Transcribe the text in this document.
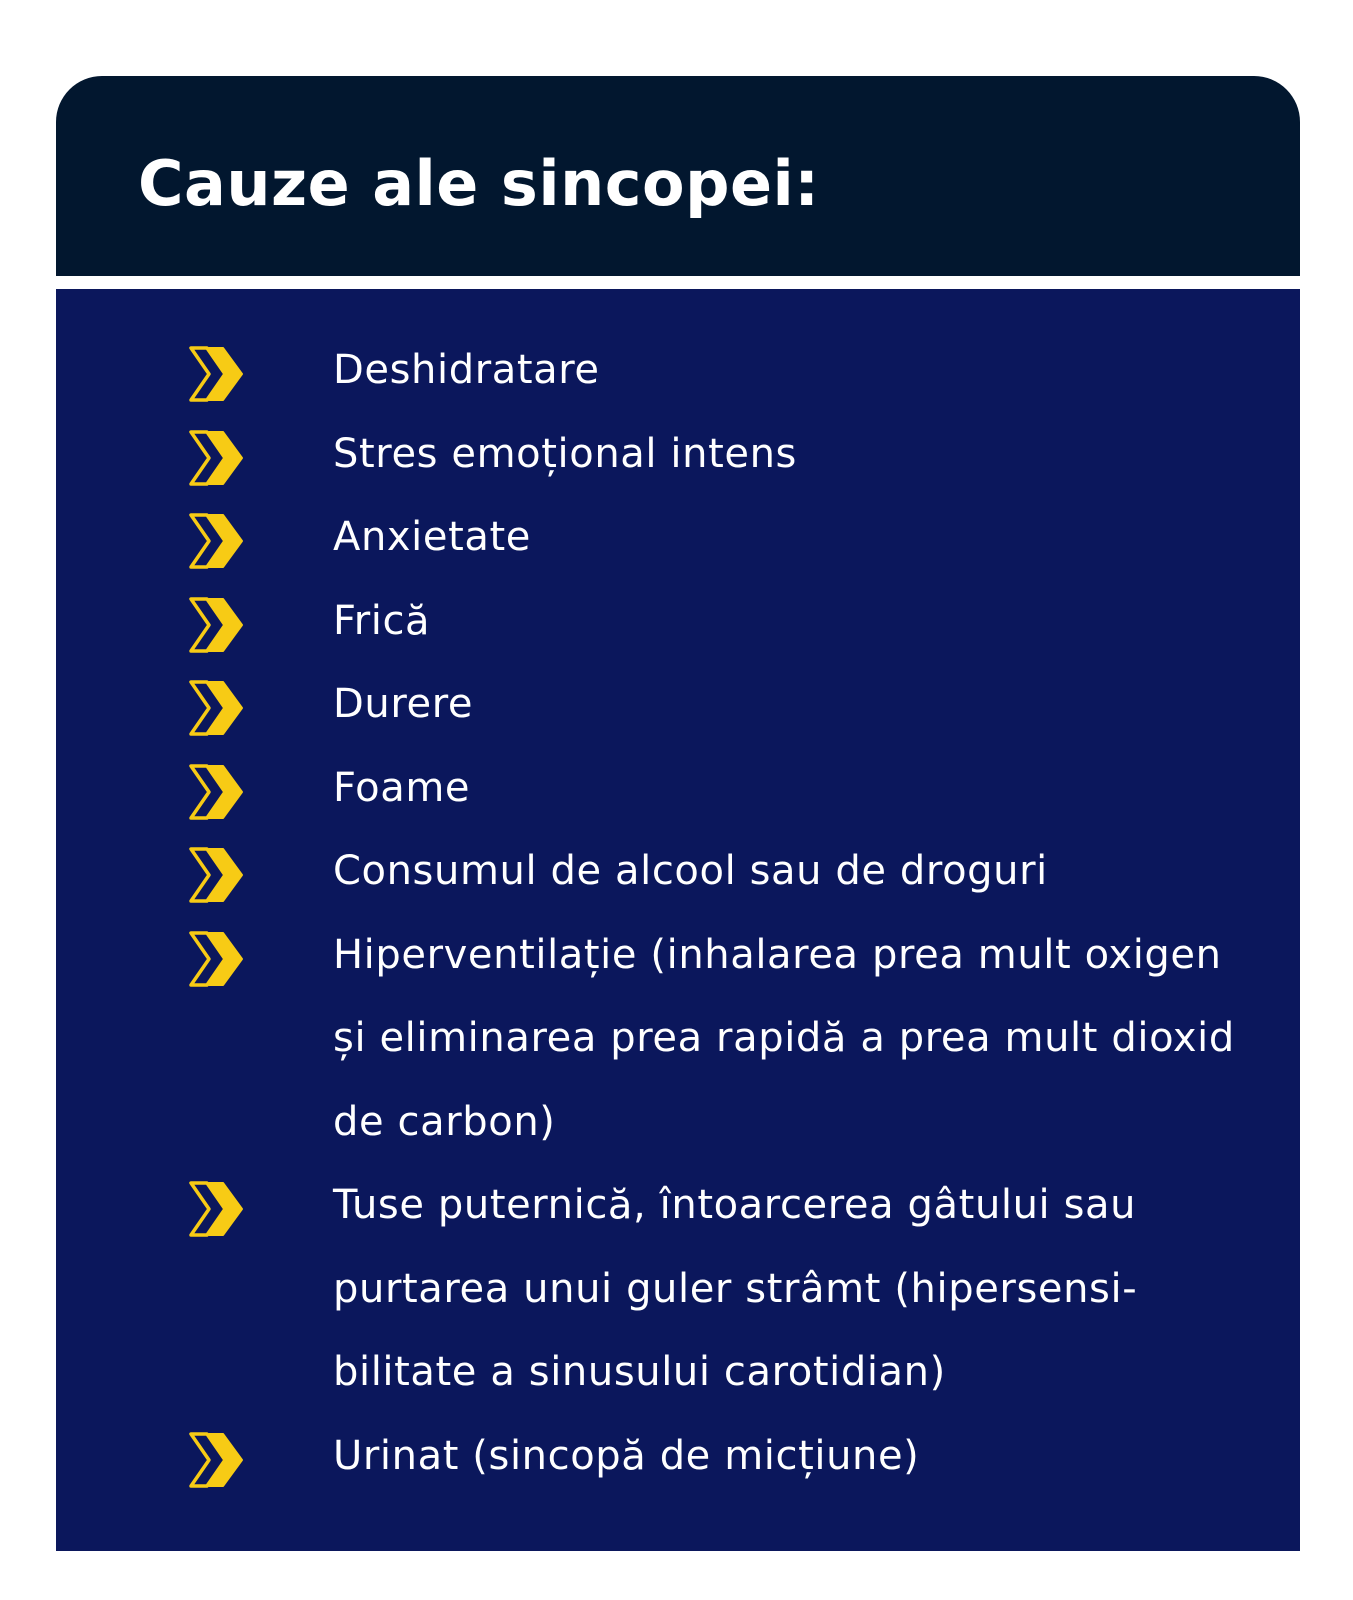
Cauze ale sincopei:
Deshidratare
Stres emoțional intens
Anxietate
Frică
Durere
Foame
Consumul de alcool sau de droguri
Hiperventilație (inhalarea prea mult oxigen și eliminarea prea rapidă a prea mult dioxid de carbon)
Tuse puternică, întoarcerea gâtului sau purtarea unui guler strâmt (hipersensi-bilitate a sinusului carotidian)
Urinat (sincopă de micțiune)
